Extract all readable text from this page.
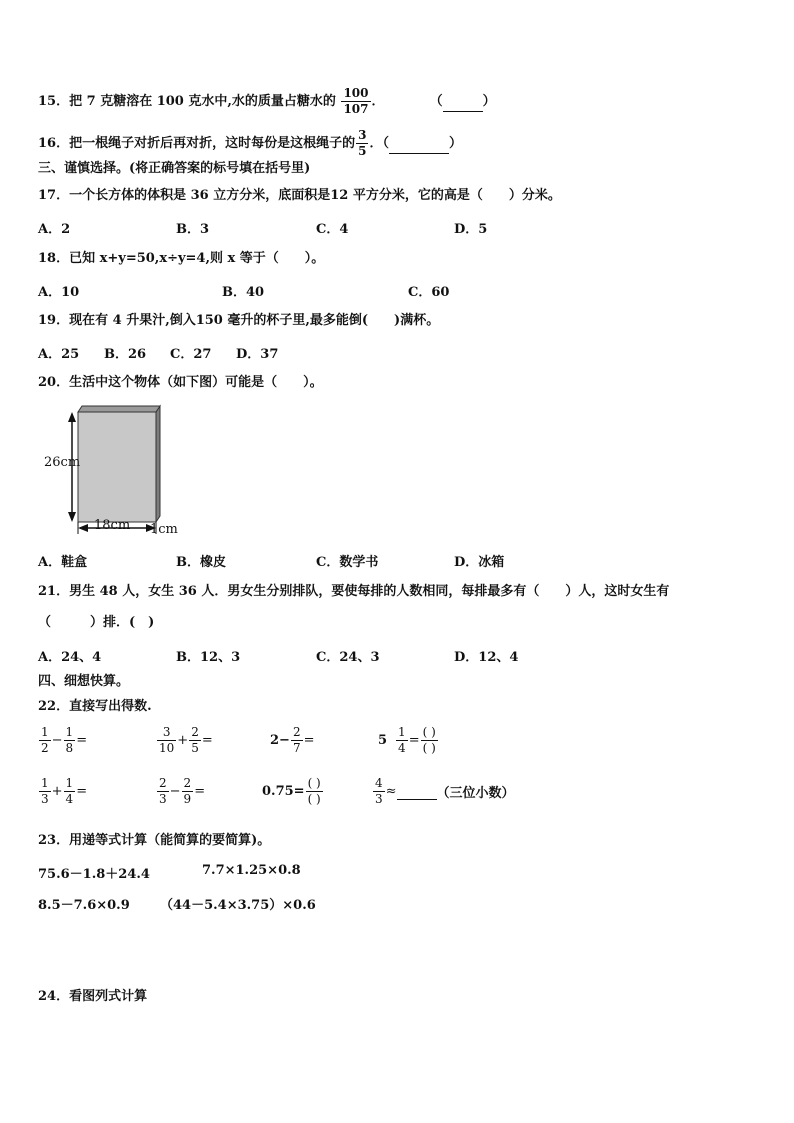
15．把 7 克糖溶在 100 克水中,水的质量占糖水的 $\frac{100}{107}$ ．	（	）
16．把一根绳子对折后再对折，这时每份是这根绳子的 $\frac{3}{5}$ ．（	）
三、谨慎选择。(将正确答案的标号填在括号里)
17．一个长方体的体积是 36 立方分米，底面积是12 平方分米，它的高是（　　）分米。
A．2	B．3	C．4	D．5
18．已知 x+y=50,x÷y=4,则 x 等于（　　）。
A．10	B．40	C．60
19．现在有 4 升果汁,倒入150 毫升的杯子里,最多能倒(　　)满杯。
A．25 B．26 C．27 D．37
20．生活中这个物体（如下图）可能是（　　）。
26cm
18cm 1cm
A．鞋盒	B．橡皮	C．数学书	D．冰箱
21．男生 48 人，女生 36 人．男女生分别排队，要使每排的人数相同，每排最多有（　　）人，这时女生有
（　　　）排．(　)
A．24、4	B．12、3	C．24、3	D．12、4
四、细想快算。
22．直接写出得数.
$\frac{1}{2} - \frac{1}{8}$ =	$\frac{3}{10} + \frac{2}{5}$ =	$2- \frac{2}{7}$ =	$5 \frac{1}{4} = \frac{( )}{( )}$
$\frac{1}{3} + \frac{1}{4}$ =	$\frac{2}{3} - \frac{2}{9}$ =	$0.75= \frac{( )}{( )}$	$\frac{4}{3}$ ≈	（三位小数）
23．用递等式计算（能简算的要简算)。
75.6－1.8＋24.4	7.7×1.25×0.8
8.5－7.6×0.9 （44－5.4×3.75）×0.6
24．看图列式计算
